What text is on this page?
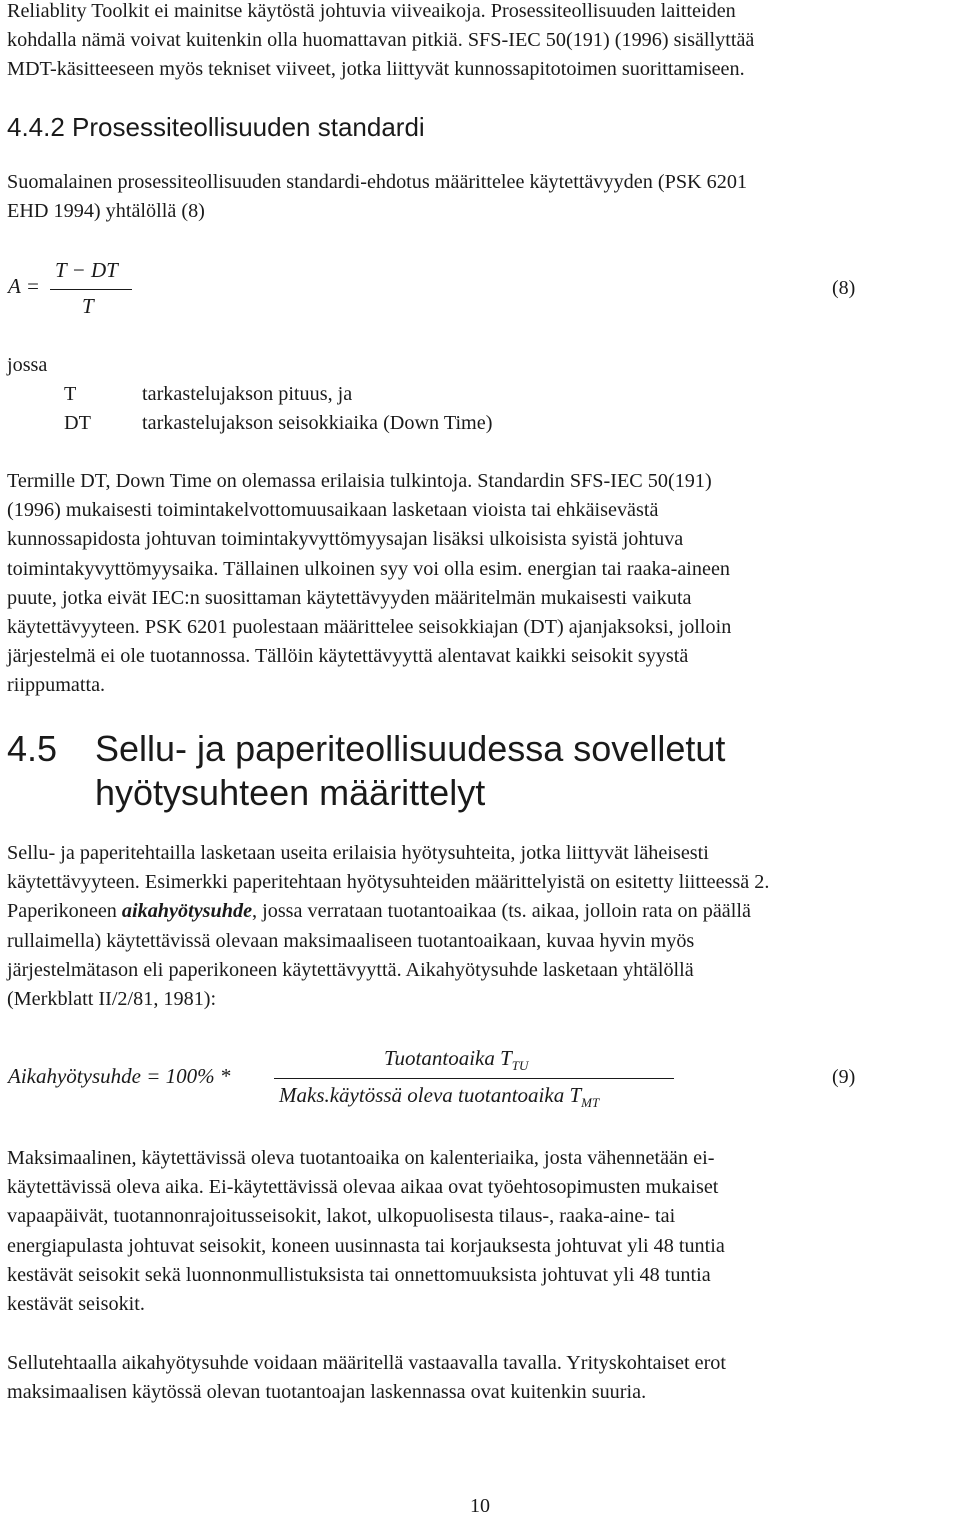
Reliablity Toolkit ei mainitse käytöstä johtuvia viiveaikoja. Prosessiteollisuuden laitteiden
kohdalla nämä voivat kuitenkin olla huomattavan pitkiä. SFS-IEC 50(191) (1996) sisällyttää
MDT-käsitteeseen myös tekniset viiveet, jotka liittyvät kunnossapitotoimen suorittamiseen.
4.4.2 Prosessiteollisuuden standardi
Suomalainen prosessiteollisuuden standardi-ehdotus määrittelee käytettävyyden (PSK 6201
EHD 1994) yhtälöllä (8)
A =
T − DT
T
(8)
jossa
T	tarkastelujakson pituus, ja
DT	tarkastelujakson seisokkiaika (Down Time)
Termille DT, Down Time on olemassa erilaisia tulkintoja. Standardin SFS-IEC 50(191)
(1996) mukaisesti toimintakelvottomuusaikaan lasketaan vioista tai ehkäisevästä
kunnossapidosta johtuvan toimintakyvyttömyysajan lisäksi ulkoisista syistä johtuva
toimintakyvyttömyysaika. Tällainen ulkoinen syy voi olla esim. energian tai raaka-aineen
puute, jotka eivät IEC:n suosittaman käytettävyyden määritelmän mukaisesti vaikuta
käytettävyyteen. PSK 6201 puolestaan määrittelee seisokkiajan (DT) ajanjaksoksi, jolloin
järjestelmä ei ole tuotannossa. Tällöin käytettävyyttä alentavat kaikki seisokit syystä
riippumatta.
4.5 Sellu- ja paperiteollisuudessa sovelletut
hyötysuhteen määrittelyt
Sellu- ja paperitehtailla lasketaan useita erilaisia hyötysuhteita, jotka liittyvät läheisesti
käytettävyyteen. Esimerkki paperitehtaan hyötysuhteiden määrittelyistä on esitetty liitteessä 2.
Paperikoneen aikahyötysuhde, jossa verrataan tuotantoaikaa (ts. aikaa, jolloin rata on päällä
rullaimella) käytettävissä olevaan maksimaaliseen tuotantoaikaan, kuvaa hyvin myös
järjestelmätason eli paperikoneen käytettävyyttä. Aikahyötysuhde lasketaan yhtälöllä
(Merkblatt II/2/81, 1981):
Aikahyötysuhde = 100% *
Tuotantoaika $T_{TU}$
Maks.käytössä oleva tuotantoaika $T_{MT}$
(9)
Maksimaalinen, käytettävissä oleva tuotantoaika on kalenteriaika, josta vähennetään ei-
käytettävissä oleva aika. Ei-käytettävissä olevaa aikaa ovat työehtosopimusten mukaiset
vapaapäivät, tuotannonrajoitusseisokit, lakot, ulkopuolisesta tilaus-, raaka-aine- tai
energiapulasta johtuvat seisokit, koneen uusinnasta tai korjauksesta johtuvat yli 48 tuntia
kestävät seisokit sekä luonnonmullistuksista tai onnettomuuksista johtuvat yli 48 tuntia
kestävät seisokit.
Sellutehtaalla aikahyötysuhde voidaan määritellä vastaavalla tavalla. Yrityskohtaiset erot
maksimaalisen käytössä olevan tuotantoajan laskennassa ovat kuitenkin suuria.
10
